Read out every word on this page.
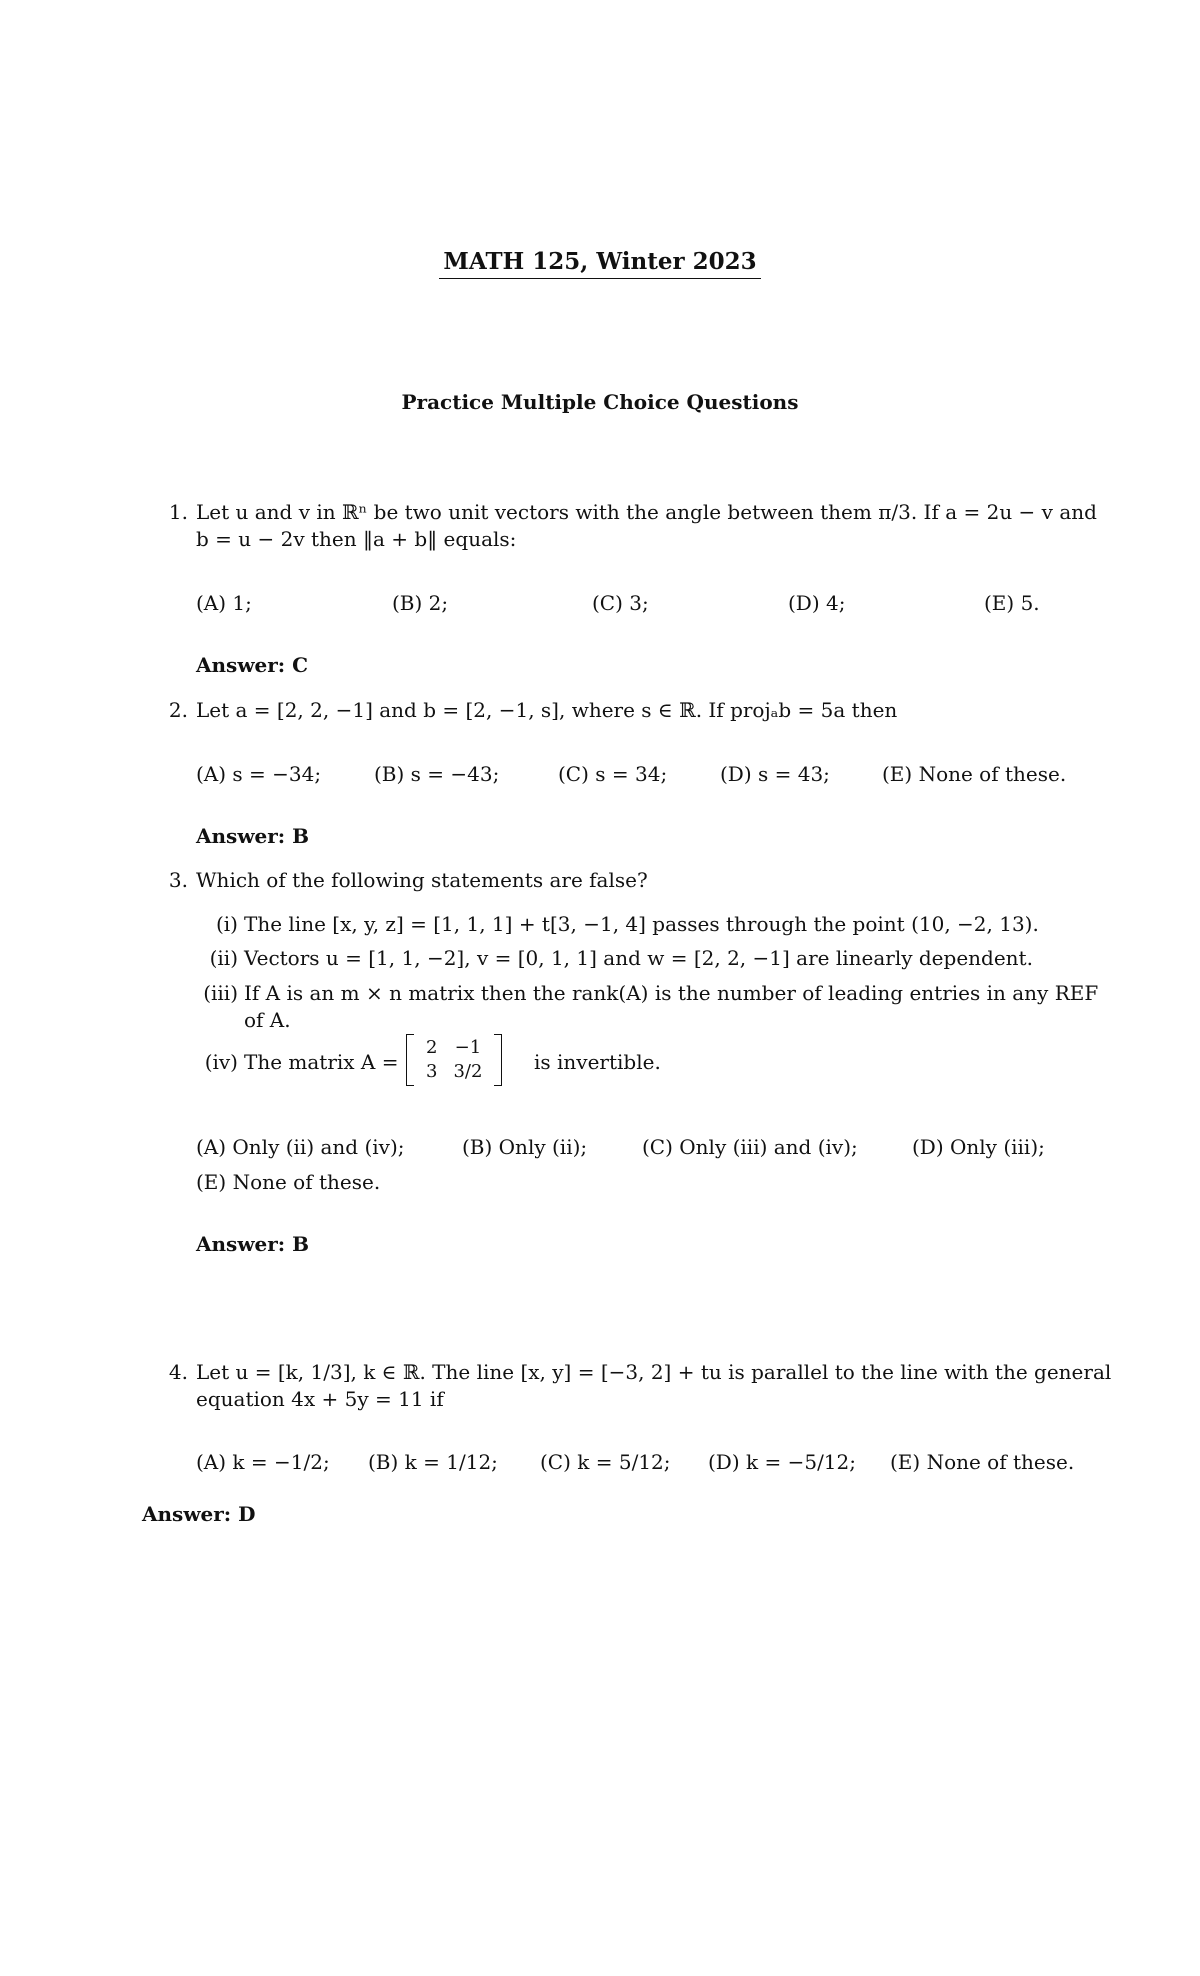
MATH 125, Winter 2023
Practice Multiple Choice Questions
1. Let u and v in ℝⁿ be two unit vectors with the angle between them π/3. If a = 2u − v and
b = u − 2v then ‖a + b‖ equals:
(A) 1;	(B) 2;	(C) 3;	(D) 4;	(E) 5.
Answer: C
2. Let a = [2, 2, −1] and b = [2, −1, s], where s ∈ ℝ. If projₐb = 5a then
(A) s = −34;	(B) s = −43;	(C) s = 34;	(D) s = 43;	(E) None of these.
Answer: B
3. Which of the following statements are false?
(i) The line [x, y, z] = [1, 1, 1] + t[3, −1, 4] passes through the point (10, −2, 13).
(ii) Vectors u = [1, 1, −2], v = [0, 1, 1] and w = [2, 2, −1] are linearly dependent.
(iii) If A is an m × n matrix then the rank(A) is the number of leading entries in any REF
of A.
(iv) The matrix A =
2	−1
3	3/2	is invertible.
(A) Only (ii) and (iv);	(B) Only (ii);	(C) Only (iii) and (iv);	(D) Only (iii);
(E) None of these.
Answer: B
4. Let u = [k, 1/3], k ∈ ℝ. The line [x, y] = [−3, 2] + tu is parallel to the line with the general
equation 4x + 5y = 11 if
(A) k = −1/2; (B) k = 1/12; (C) k = 5/12; (D) k = −5/12; (E) None of these.
Answer: D
